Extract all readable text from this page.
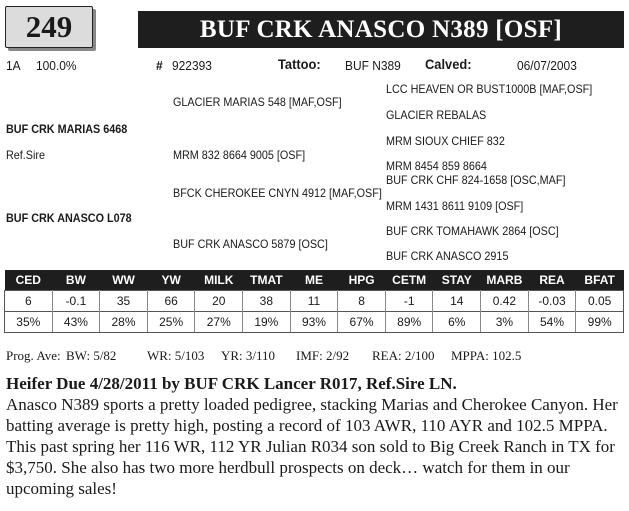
249	BUF CRK ANASCO N389 [OSF]
1A 100.0%	# 922393	Tattoo: BUF N389 Calved:	06/07/2003
BUF CRK MARIAS 6468
Ref.Sire
GLACIER MARIAS 548 [MAF,OSF]
LCC HEAVEN OR BUST1000B [MAF,OSF]
GLACIER REBALAS
MRM 832 8664 9005 [OSF]
MRM SIOUX CHIEF 832
MRM 8454 859 8664
BUF CRK ANASCO L078
BFCK CHEROKEE CNYN 4912 [MAF,OSF]
BUF CRK CHF 824-1658 [OSC,MAF]
MRM 1431 8611 9109 [OSF]
BUF CRK ANASCO 5879 [OSC]
BUF CRK TOMAHAWK 2864 [OSC]
BUF CRK ANASCO 2915
CED	BW	WW	YW	MILK	TMAT	ME	HPG	CETM	STAY	MARB	REA	BFAT
6	-0.1	35	66	20	38	11	8	-1	14	0.42	-0.03	0.05
35%	43%	28%	25%	27%	19%	93%	67%	89%	6%	3%	54%	99%
Prog. Ave: BW: 5/82 WR: 5/103 YR: 3/110 IMF: 2/92 REA: 2/100 MPPA: 102.5
Heifer Due 4/28/2011 by BUF CRK Lancer R017, Ref.Sire LN.
Anasco N389 sports a pretty loaded pedigree, stacking Marias and Cherokee Canyon. Her batting average is pretty high, posting a record of 103 AWR, 110 AYR and 102.5 MPPA. This past spring her 116 WR, 112 YR Julian R034 son sold to Big Creek Ranch in TX for $3,750. She also has two more herdbull prospects on deck… watch for them in our upcoming sales!
